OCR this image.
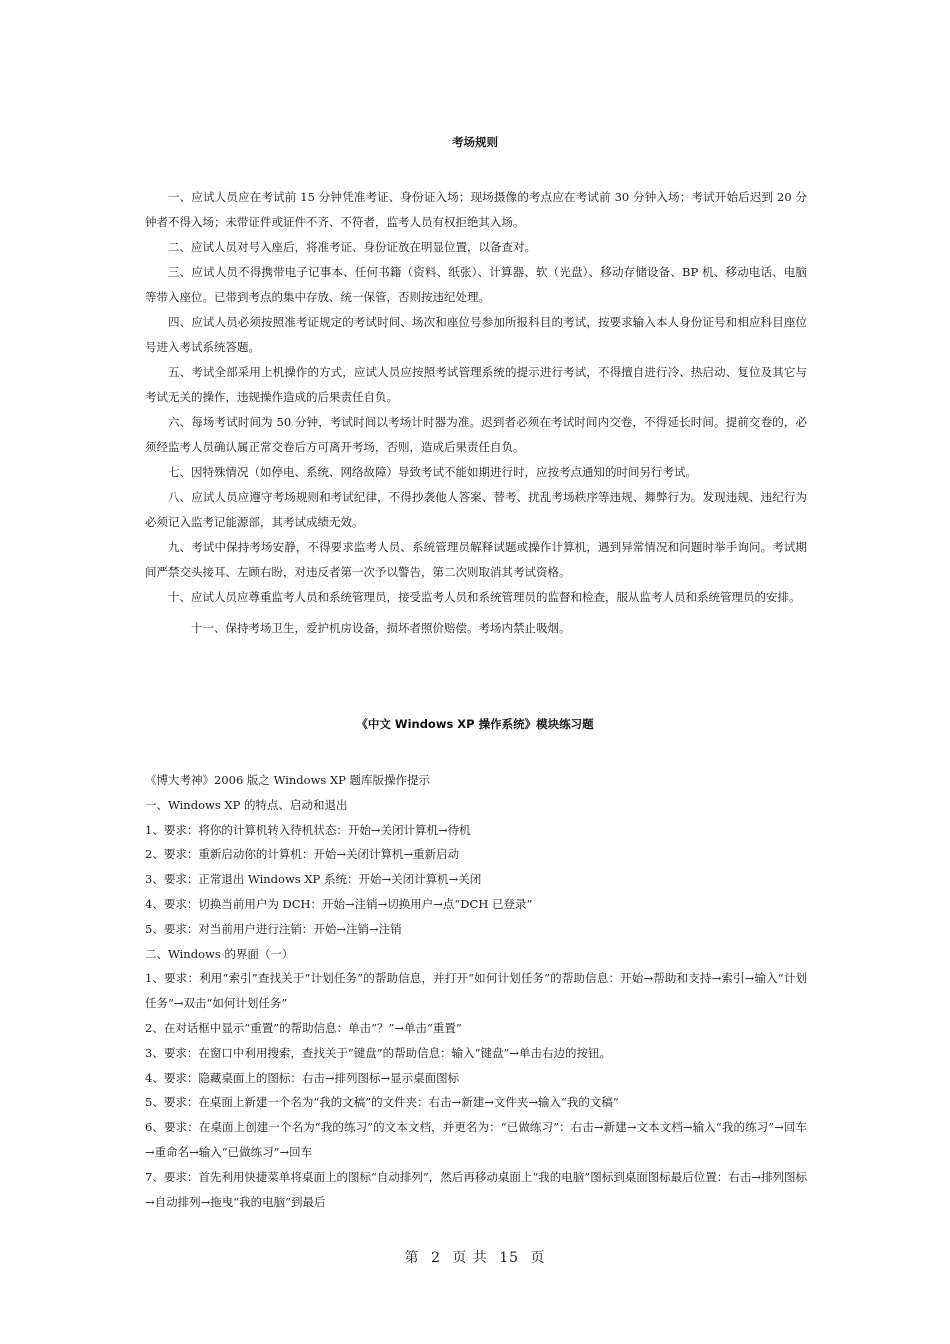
考场规则

一、应试人员应在考试前 15 分钟凭准考证、身份证入场；现场摄像的考点应在考试前 30 分钟入场；考试开始后迟到 20 分钟者不得入场；未带证件或证件不齐、不符者，监考人员有权拒绝其入场。

二、应试人员对号入座后，将准考证、身份证放在明显位置，以备查对。

三、应试人员不得携带电子记事本、任何书籍（资料、纸张）、计算器、软（光盘）、移动存储设备、BP 机、移动电话、电脑等带入座位。已带到考点的集中存放、统一保管，否则按违纪处理。

四、应试人员必须按照准考证规定的考试时间、场次和座位号参加所报科目的考试，按要求输入本人身份证号和相应科目座位号进入考试系统答题。

五、考试全部采用上机操作的方式，应试人员应按照考试管理系统的提示进行考试，不得擅自进行冷、热启动、复位及其它与考试无关的操作，违规操作造成的后果责任自负。

六、每场考试时间为 50 分钟，考试时间以考场计时器为准。迟到者必须在考试时间内交卷，不得延长时间。提前交卷的，必须经监考人员确认属正常交卷后方可离开考场，否则，造成后果责任自负。

七、因特殊情况（如停电、系统、网络故障）导致考试不能如期进行时，应按考点通知的时间另行考试。

八、应试人员应遵守考场规则和考试纪律，不得抄袭他人答案、替考、扰乱考场秩序等违规、舞弊行为。发现违规、违纪行为必须记入监考记能源部，其考试成绩无效。

九、考试中保持考场安静，不得要求监考人员、系统管理员解释试题或操作计算机，遇到异常情况和问题时举手询问。考试期间严禁交头接耳、左顾右盼，对违反者第一次予以警告，第二次则取消其考试资格。

十、应试人员应尊重监考人员和系统管理员，接受监考人员和系统管理员的监督和检查，服从监考人员和系统管理员的安排。

十一、保持考场卫生，爱护机房设备，损坏者照价赔偿。考场内禁止吸烟。

《中文 Windows XP 操作系统》模块练习题

《博大考神》2006 版之 Windows XP 题库版操作提示

一、Windows XP 的特点、启动和退出

1、要求：将你的计算机转入待机状态：开始→关闭计算机→待机

2、要求：重新启动你的计算机：开始→关闭计算机→重新启动

3、要求：正常退出 Windows XP 系统：开始→关闭计算机→关闭

4、要求：切换当前用户为 DCH：开始→注销→切换用户→点“DCH 已登录”

5、要求：对当前用户进行注销：开始→注销→注销

二、Windows 的界面（一）

1、要求：利用“索引”查找关于“计划任务”的帮助信息，并打开“如何计划任务”的帮助信息：开始→帮助和支持→索引→输入“计划任务”→双击“如何计划任务”

2、在对话框中显示“重置”的帮助信息：单击“？”→单击“重置”

3、要求：在窗口中利用搜索，查找关于“键盘”的帮助信息：输入“键盘”→单击右边的按钮。

4、要求：隐藏桌面上的图标：右击→排列图标→显示桌面图标

5、要求：在桌面上新建一个名为“我的文稿”的文件夹：右击→新建→文件夹→输入“我的文稿”

6、要求：在桌面上创建一个名为“我的练习”的文本文档，并更名为：“已做练习”：右击→新建→文本文档→输入“我的练习”→回车→重命名→输入“已做练习”→回车

7、要求：首先利用快捷菜单将桌面上的图标“自动排列”，然后再移动桌面上“我的电脑”图标到桌面图标最后位置：右击→排列图标→自动排列→拖曳“我的电脑”到最后

第 2 页 共 15 页
